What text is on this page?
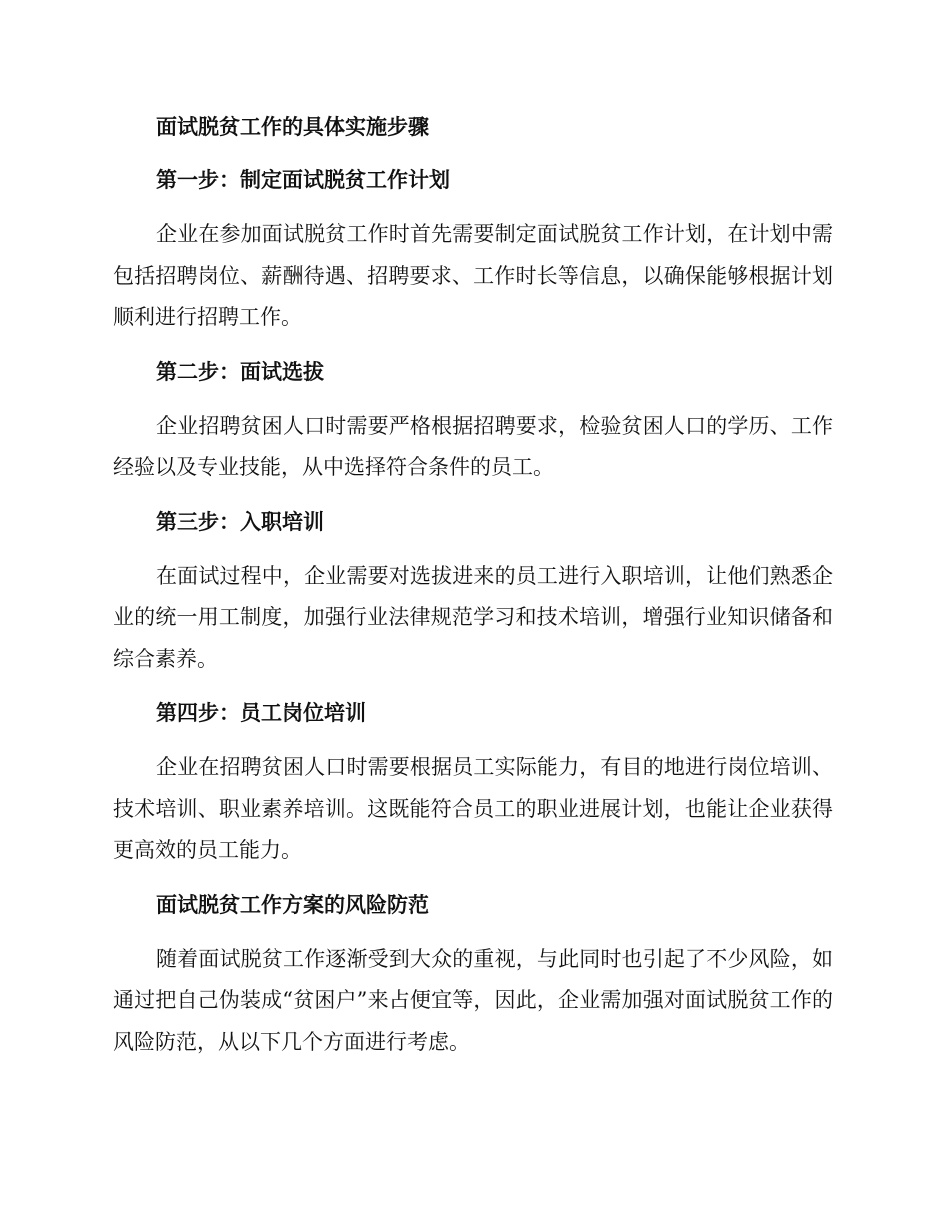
面试脱贫工作的具体实施步骤
第一步：制定面试脱贫工作计划
企业在参加面试脱贫工作时首先需要制定面试脱贫工作计划，在计划中需包括招聘岗位、薪酬待遇、招聘要求、工作时长等信息，以确保能够根据计划顺利进行招聘工作。
第二步：面试选拔
企业招聘贫困人口时需要严格根据招聘要求，检验贫困人口的学历、工作经验以及专业技能，从中选择符合条件的员工。
第三步：入职培训
在面试过程中，企业需要对选拔进来的员工进行入职培训，让他们熟悉企业的统一用工制度，加强行业法律规范学习和技术培训，增强行业知识储备和综合素养。
第四步：员工岗位培训
企业在招聘贫困人口时需要根据员工实际能力，有目的地进行岗位培训、技术培训、职业素养培训。这既能符合员工的职业进展计划，也能让企业获得更高效的员工能力。
面试脱贫工作方案的风险防范
随着面试脱贫工作逐渐受到大众的重视，与此同时也引起了不少风险，如通过把自己伪装成“贫困户”来占便宜等，因此，企业需加强对面试脱贫工作的风险防范，从以下几个方面进行考虑。
